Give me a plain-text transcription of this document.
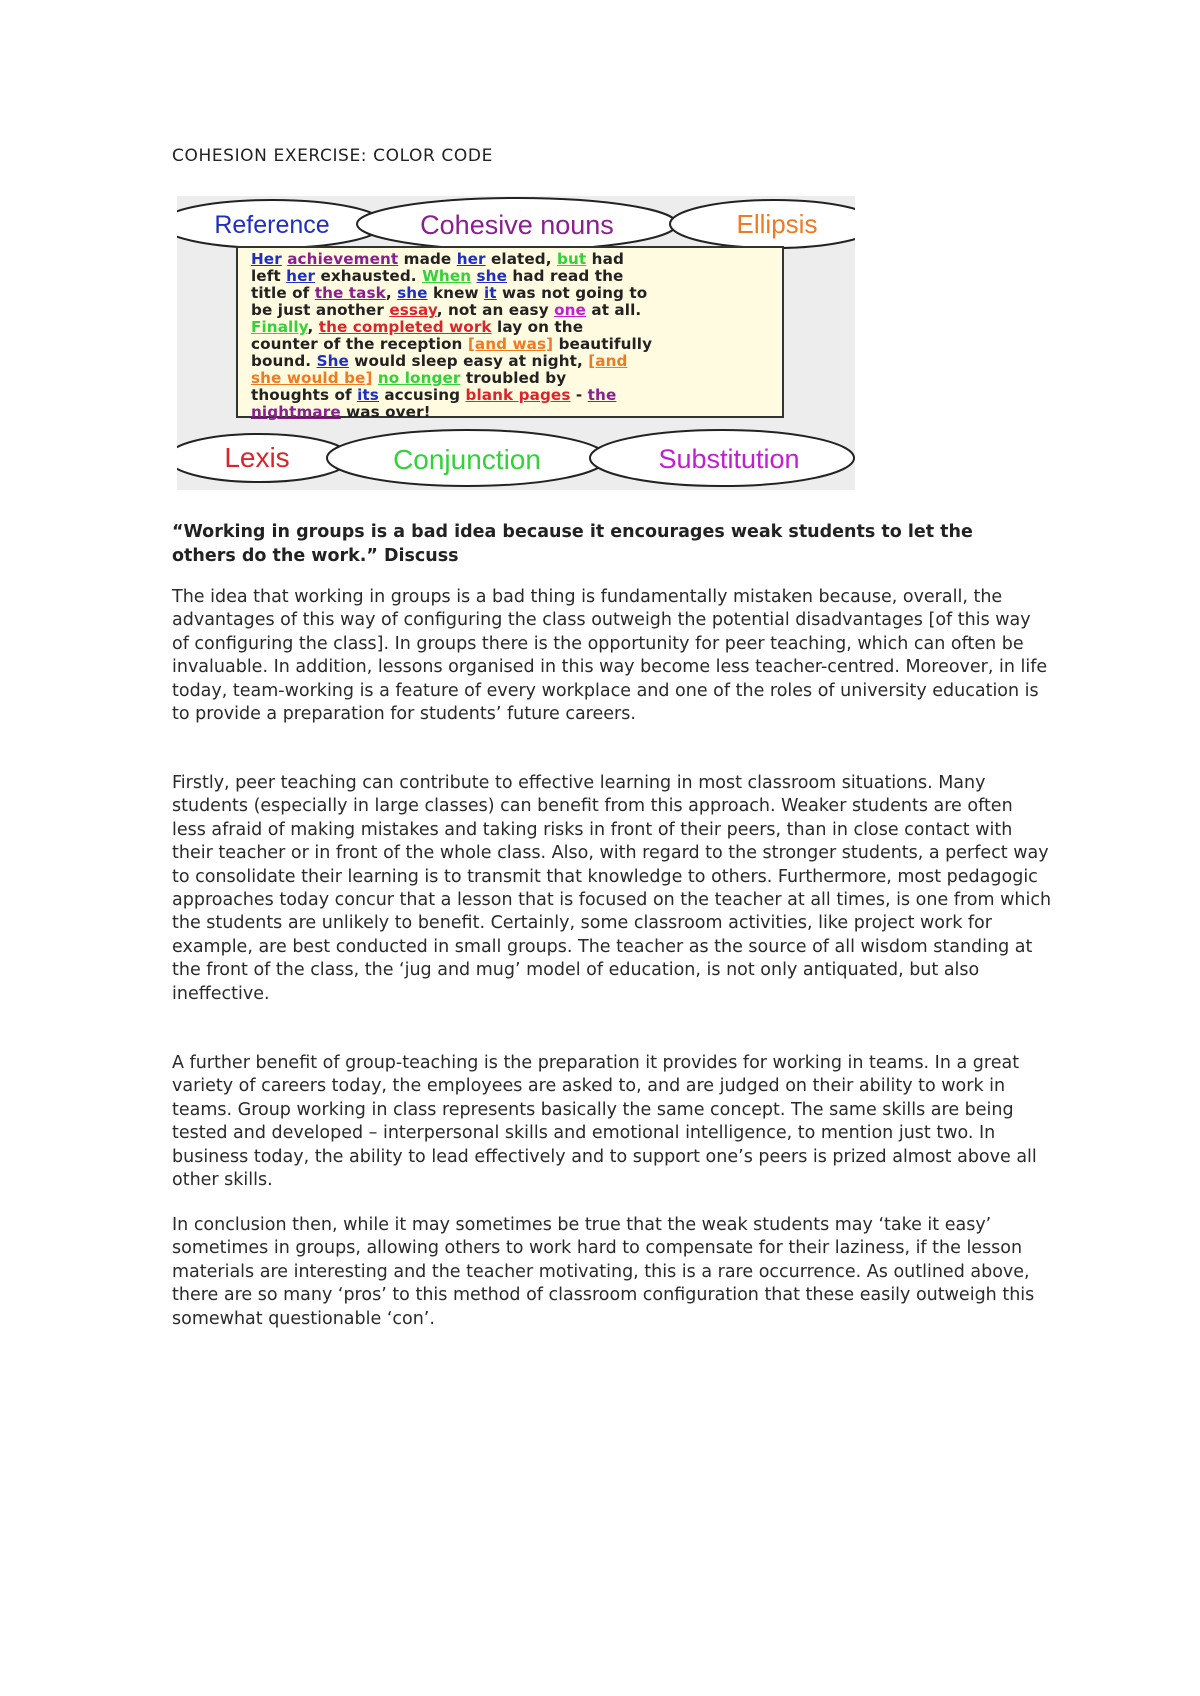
COHESION EXERCISE: COLOR CODE
Reference	Cohesive nouns	Ellipsis
Lexis	Conjunction	Substitution
Her achievement made her elated, but had
left her exhausted. When she had read the
title of the task, she knew it was not going to
be just another essay, not an easy one at all.
Finally, the completed work lay on the
counter of the reception [and was] beautifully
bound. She would sleep easy at night, [and
she would be] no longer troubled by
thoughts of its accusing blank pages - the
nightmare was over!
“Working in groups is a bad idea because it encourages weak students to let the others do the work.” Discuss

The idea that working in groups is a bad thing is fundamentally mistaken because, overall, the advantages of this way of configuring the class outweigh the potential disadvantages [of this way of configuring the class]. In groups there is the opportunity for peer teaching, which can often be invaluable. In addition, lessons organised in this way become less teacher-centred. Moreover, in life today, team-working is a feature of every workplace and one of the roles of university education is to provide a preparation for students’ future careers.

Firstly, peer teaching can contribute to effective learning in most classroom situations. Many students (especially in large classes) can benefit from this approach. Weaker students are often less afraid of making mistakes and taking risks in front of their peers, than in close contact with their teacher or in front of the whole class. Also, with regard to the stronger students, a perfect way to consolidate their learning is to transmit that knowledge to others. Furthermore, most pedagogic approaches today concur that a lesson that is focused on the teacher at all times, is one from which the students are unlikely to benefit. Certainly, some classroom activities, like project work for example, are best conducted in small groups. The teacher as the source of all wisdom standing at the front of the class, the ‘jug and mug’ model of education, is not only antiquated, but also ineffective.

A further benefit of group-teaching is the preparation it provides for working in teams. In a great variety of careers today, the employees are asked to, and are judged on their ability to work in teams. Group working in class represents basically the same concept. The same skills are being tested and developed – interpersonal skills and emotional intelligence, to mention just two. In business today, the ability to lead effectively and to support one’s peers is prized almost above all other skills.

In conclusion then, while it may sometimes be true that the weak students may ‘take it easy’ sometimes in groups, allowing others to work hard to compensate for their laziness, if the lesson materials are interesting and the teacher motivating, this is a rare occurrence. As outlined above, there are so many ‘pros’ to this method of classroom configuration that these easily outweigh this somewhat questionable ‘con’.
